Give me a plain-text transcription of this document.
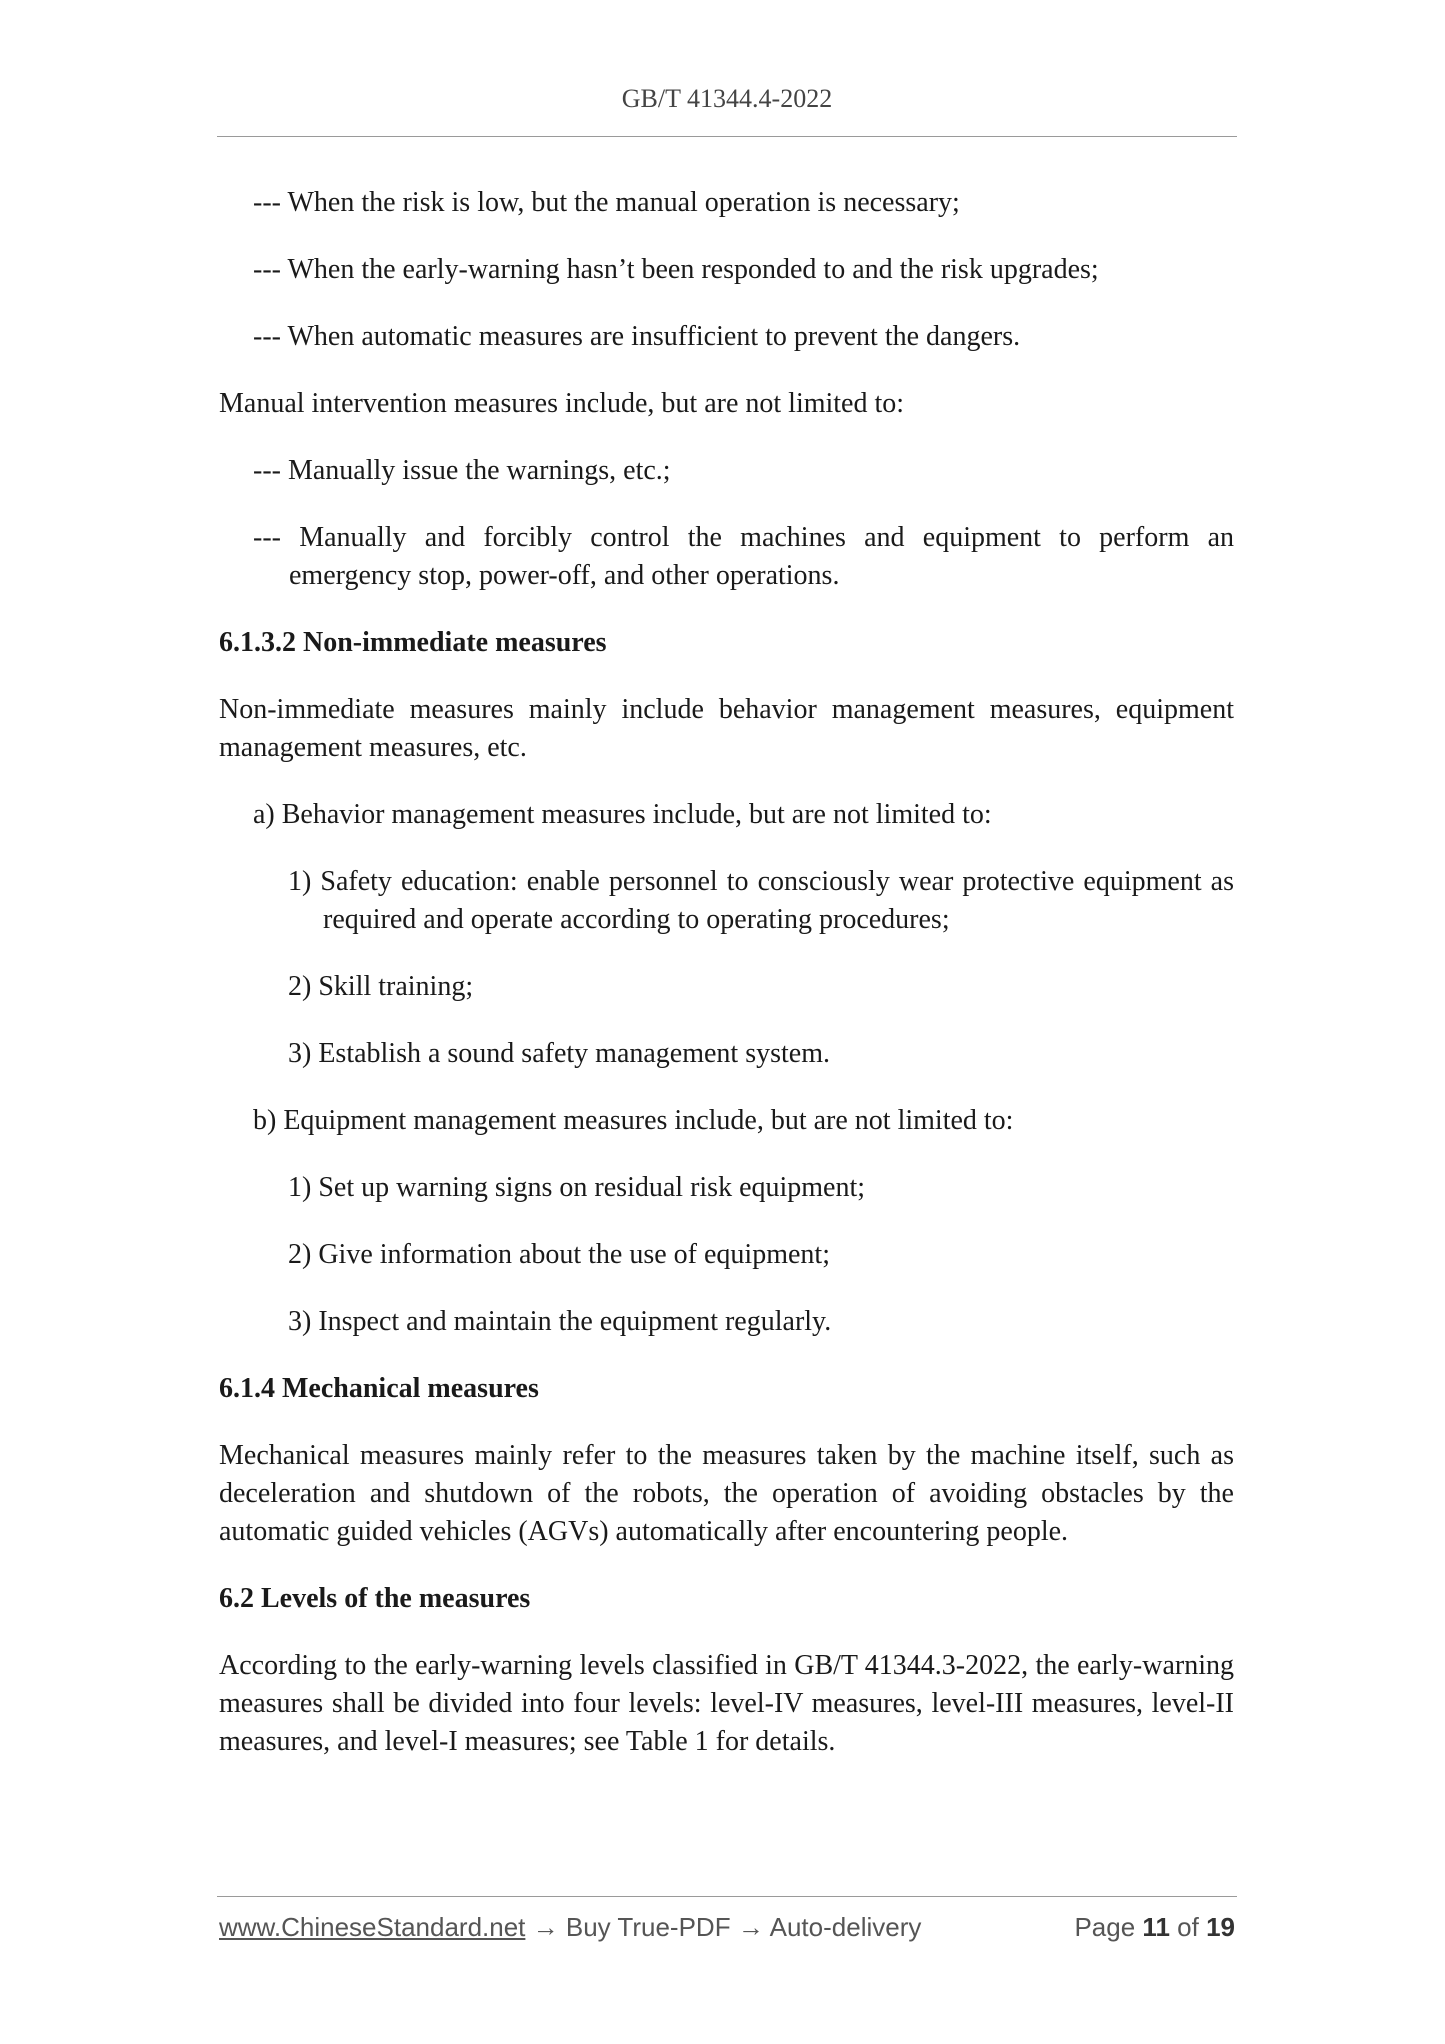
GB/T 41344.4-2022

--- When the risk is low, but the manual operation is necessary;

--- When the early-warning hasn’t been responded to and the risk upgrades;

--- When automatic measures are insufficient to prevent the dangers.

Manual intervention measures include, but are not limited to:

--- Manually issue the warnings, etc.;

--- Manually and forcibly control the machines and equipment to perform an emergency stop, power-off, and other operations.

6.1.3.2 Non-immediate measures

Non-immediate measures mainly include behavior management measures, equipment management measures, etc.

a) Behavior management measures include, but are not limited to:

1) Safety education: enable personnel to consciously wear protective equipment as required and operate according to operating procedures;

2) Skill training;

3) Establish a sound safety management system.

b) Equipment management measures include, but are not limited to:

1) Set up warning signs on residual risk equipment;

2) Give information about the use of equipment;

3) Inspect and maintain the equipment regularly.

6.1.4 Mechanical measures

Mechanical measures mainly refer to the measures taken by the machine itself, such as deceleration and shutdown of the robots, the operation of avoiding obstacles by the automatic guided vehicles (AGVs) automatically after encountering people.

6.2 Levels of the measures

According to the early-warning levels classified in GB/T 41344.3-2022, the early-warning measures shall be divided into four levels: level-IV measures, level-III measures, level-II measures, and level-I measures; see Table 1 for details.

www.ChineseStandard.net → Buy True-PDF → Auto-delivery	Page 11 of 19
